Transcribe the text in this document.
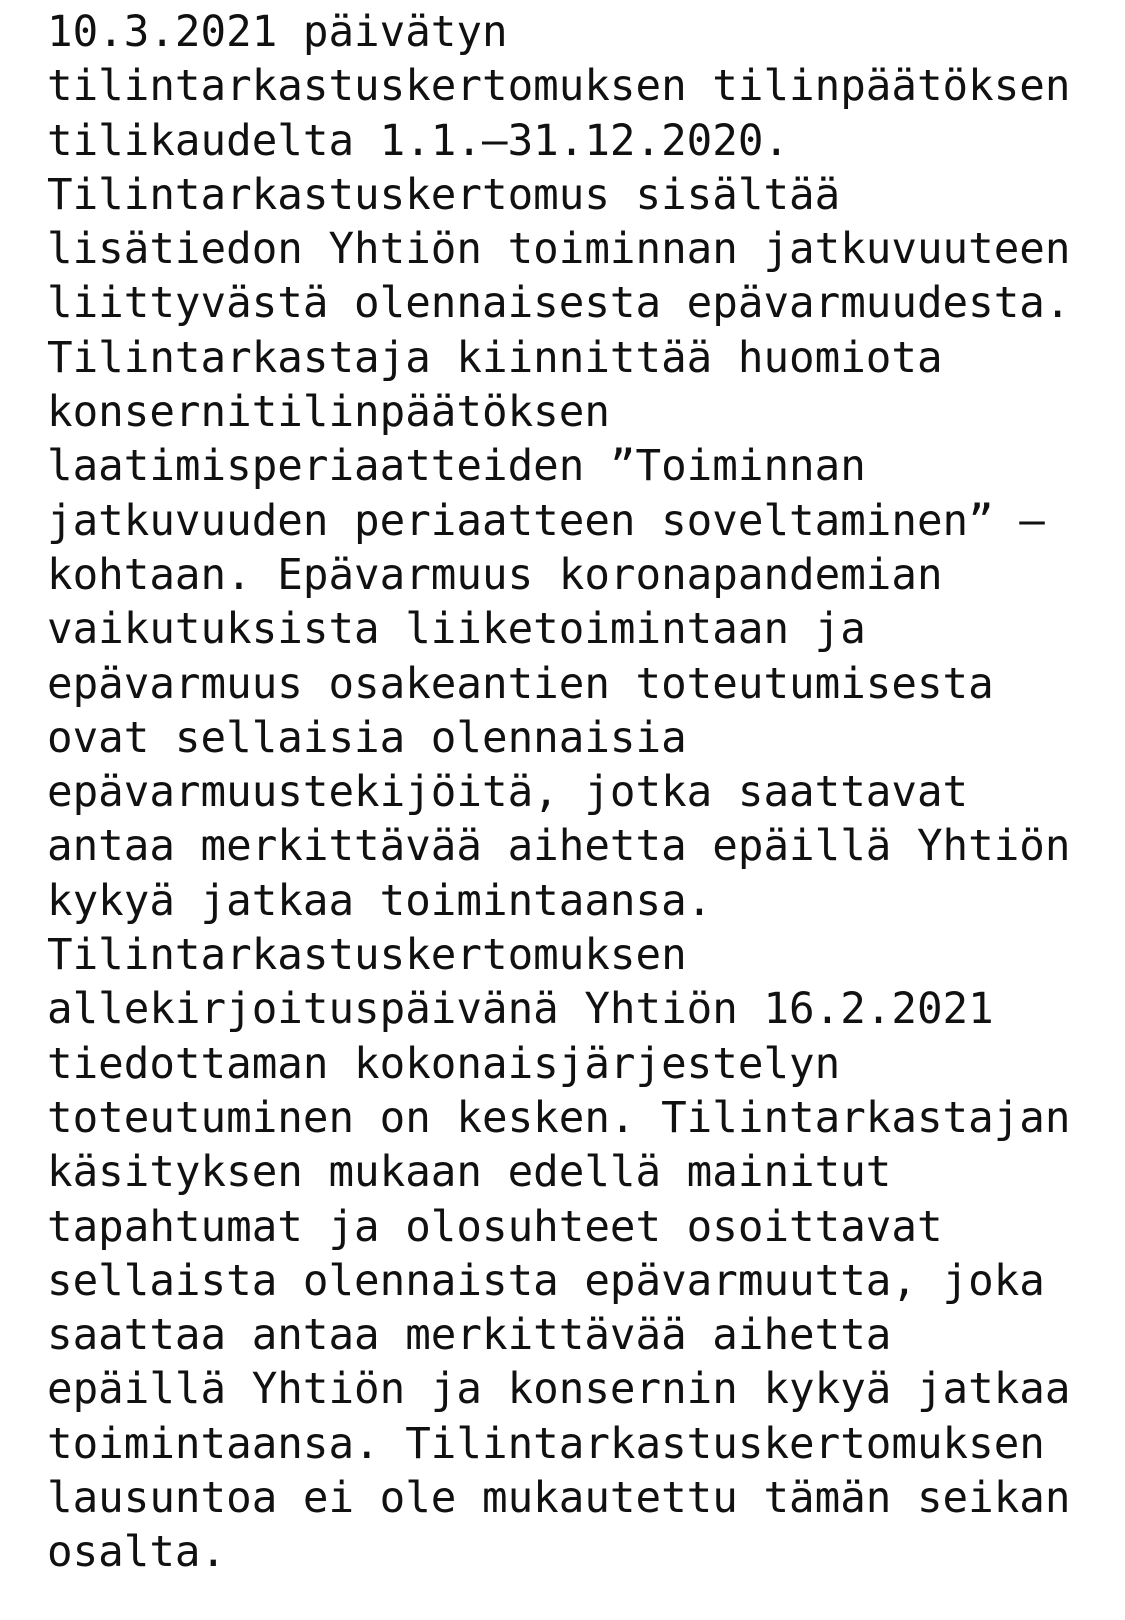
10.3.2021 päivätyn
tilintarkastuskertomuksen tilinpäätöksen
tilikaudelta 1.1.–31.12.2020.
Tilintarkastuskertomus sisältää
lisätiedon Yhtiön toiminnan jatkuvuuteen
liittyvästä olennaisesta epävarmuudesta.
Tilintarkastaja kiinnittää huomiota
konsernitilinpäätöksen
laatimisperiaatteiden ”Toiminnan
jatkuvuuden periaatteen soveltaminen” –
kohtaan. Epävarmuus koronapandemian
vaikutuksista liiketoimintaan ja
epävarmuus osakeantien toteutumisesta
ovat sellaisia olennaisia
epävarmuustekijöitä, jotka saattavat
antaa merkittävää aihetta epäillä Yhtiön
kykyä jatkaa toimintaansa.
Tilintarkastuskertomuksen
allekirjoituspäivänä Yhtiön 16.2.2021
tiedottaman kokonaisjärjestelyn
toteutuminen on kesken. Tilintarkastajan
käsityksen mukaan edellä mainitut
tapahtumat ja olosuhteet osoittavat
sellaista olennaista epävarmuutta, joka
saattaa antaa merkittävää aihetta
epäillä Yhtiön ja konsernin kykyä jatkaa
toimintaansa. Tilintarkastuskertomuksen
lausuntoa ei ole mukautettu tämän seikan
osalta.
